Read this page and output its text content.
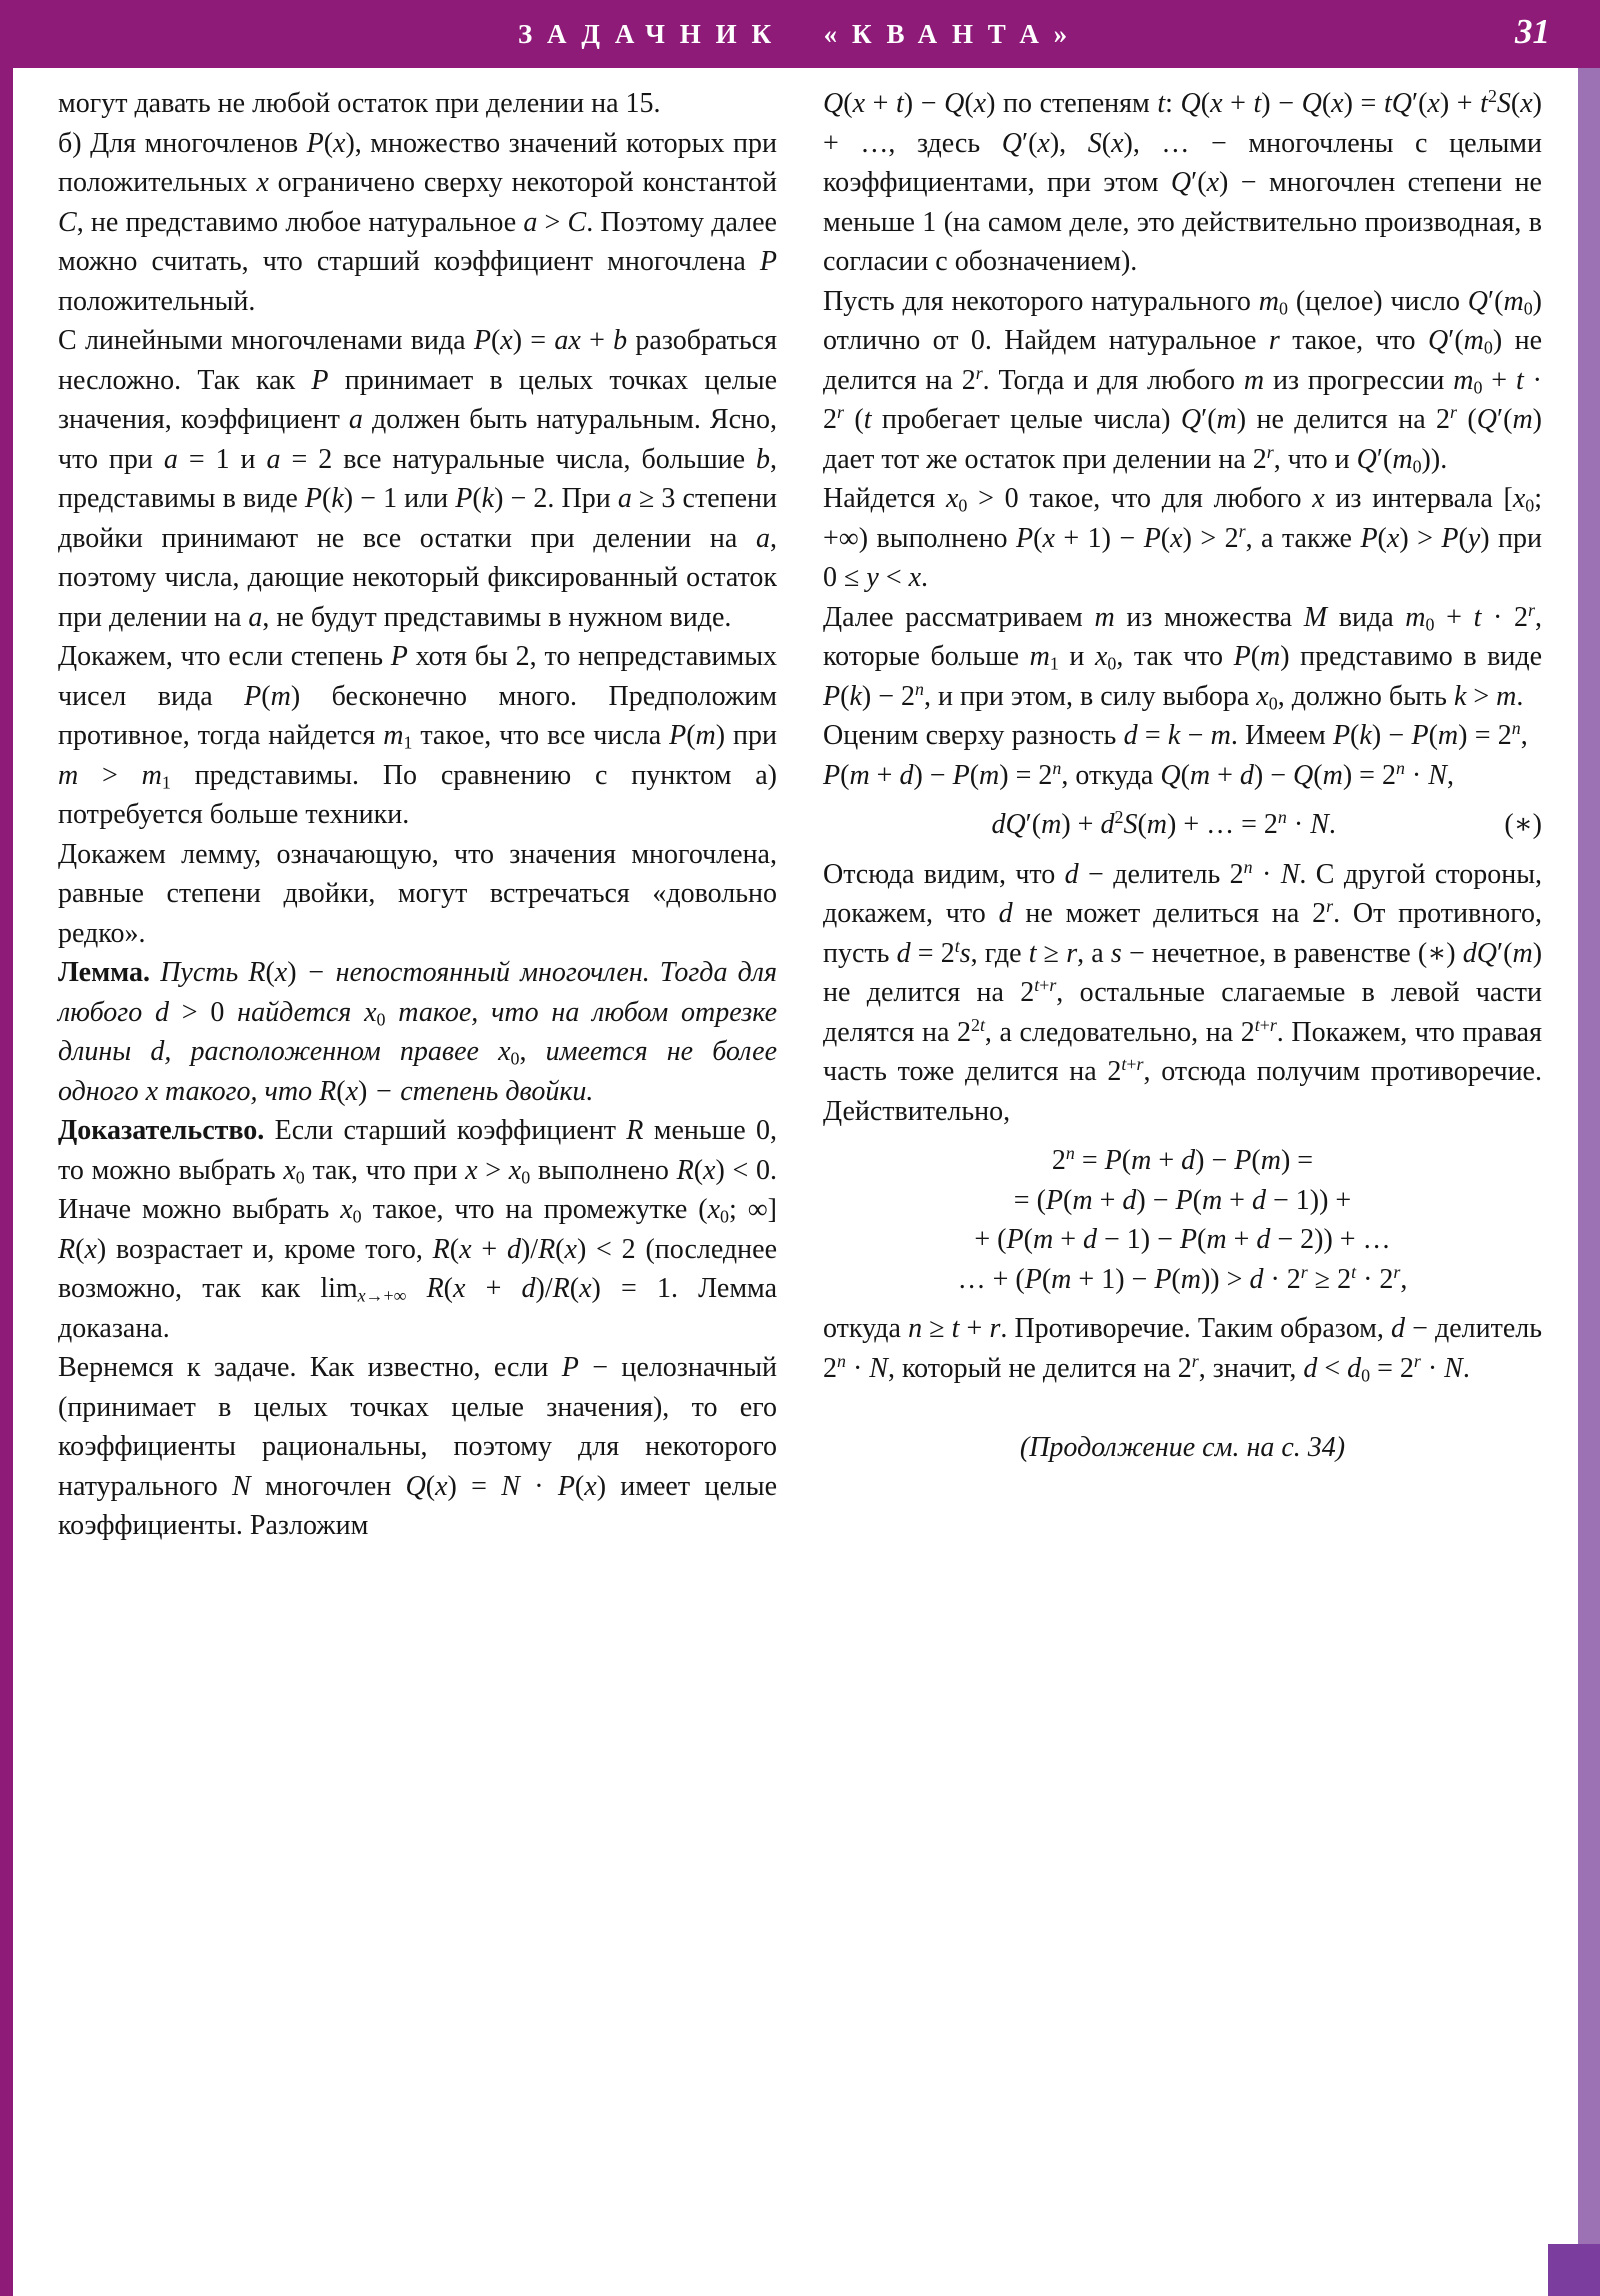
ЗАДАЧНИК «КВАНТА»	31

могут давать не любой остаток при делении на 15.

б) Для многочленов P(x), множество значений которых при положительных x ограничено сверху некоторой константой C, не представимо любое натуральное a > C. Поэтому далее можно считать, что старший коэффициент многочлена P положительный.

С линейными многочленами вида P(x) = ax + b разобраться несложно. Так как P принимает в целых точках целые значения, коэффициент a должен быть натуральным. Ясно, что при a = 1 и a = 2 все натуральные числа, большие b, представимы в виде P(k) − 1 или P(k) − 2. При a ≥ 3 степени двойки принимают не все остатки при делении на a, поэтому числа, дающие некоторый фиксированный остаток при делении на a, не будут представимы в нужном виде.

Докажем, что если степень P хотя бы 2, то непредставимых чисел вида P(m) бесконечно много. Предположим противное, тогда найдется $m_1$ такое, что все числа P(m) при $m > m_1$ представимы. По сравнению с пунктом а) потребуется больше техники.

Докажем лемму, означающую, что значения многочлена, равные степени двойки, могут встречаться «довольно редко».

Лемма. Пусть R(x) − непостоянный многочлен. Тогда для любого d > 0 найдется $x_0$ такое, что на любом отрезке длины d, расположенном правее $x_0$, имеется не более одного x такого, что R(x) − степень двойки.

Доказательство. Если старший коэффициент R меньше 0, то можно выбрать $x_0$ так, что при $x > x_0$ выполнено R(x) < 0. Иначе можно выбрать $x_0$ такое, что на промежутке ($x_0$; ∞] R(x) возрастает и, кроме того, R(x + d)/R(x) < 2 (последнее возможно, так как $\lim_{x\to+\infty} R(x + d)/R(x) = 1$. Лемма доказана.

Вернемся к задаче. Как известно, если P − целозначный (принимает в целых точках целые значения), то его коэффициенты рациональны, поэтому для некоторого натурального N многочлен Q(x) = N · P(x) имеет целые коэффициенты. Разложим

Q(x + t) − Q(x) по степеням t: $Q(x + t) - Q(x) = tQ'(x) + t^2S(x)$ + …, здесь Q′(x), S(x), … − многочлены с целыми коэффициентами, при этом Q′(x) − многочлен степени не меньше 1 (на самом деле, это действительно производная, в согласии с обозначением).

Пусть для некоторого натурального $m_0$ (целое) число $Q'(m_0)$ отлично от 0. Найдем натуральное r такое, что $Q'(m_0)$ не делится на 2$^r$. Тогда и для любого m из прогрессии $m_0 + t \cdot 2^r$ (t пробегает целые числа) Q′(m) не делится на 2$^r$ (Q′(m) дает тот же остаток при делении на 2$^r$, что и $Q'(m_0)$).

Найдется $x_0 > 0$ такое, что для любого x из интервала [$x_0$; +∞) выполнено $P(x + 1) - P(x) > 2^r$, а также P(x) > P(y) при 0 ≤ y < x.

Далее рассматриваем m из множества M вида $m_0 + t \cdot 2^r$, которые больше $m_1$ и $x_0$, так что P(m) представимо в виде $P(k) - 2^n$, и при этом, в силу выбора $x_0$, должно быть k > m.

Оценим сверху разность d = k − m. Имеем $P(k) - P(m) = 2^n$,   $P(m + d) - P(m) = 2^n$, откуда $Q(m + d) - Q(m) = 2^n \cdot N$,

(∗)
$dQ'(m) + d^2S(m)$ + … = $2^n \cdot N$.

Отсюда видим, что d − делитель $2^n \cdot N$. С другой стороны, докажем, что d не может делиться на 2$^r$. От противного, пусть $d = 2^ts$, где t ≥ r, а s − нечетное, в равенстве (∗) dQ′(m) не делится на $2^{t+r}$, остальные слагаемые в левой части делятся на $2^{2t}$, а следовательно, на $2^{t+r}$. Покажем, что правая часть тоже делится на $2^{t+r}$, отсюда получим противоречие. Действительно,

$2^n = P(m + d) - P(m)$ =
= (P(m + d) − P(m + d − 1)) +
+ (P(m + d − 1) − P(m + d − 2)) + …
… + $(P(m + 1) - P(m)) > d \cdot 2^r \ge 2^t \cdot 2^r$,

откуда n ≥ t + r. Противоречие. Таким образом, d − делитель $2^n \cdot N$, который не делится на 2$^r$, значит, $d < d_0 = 2^r \cdot N$.

(Продолжение см. на с. 34)
